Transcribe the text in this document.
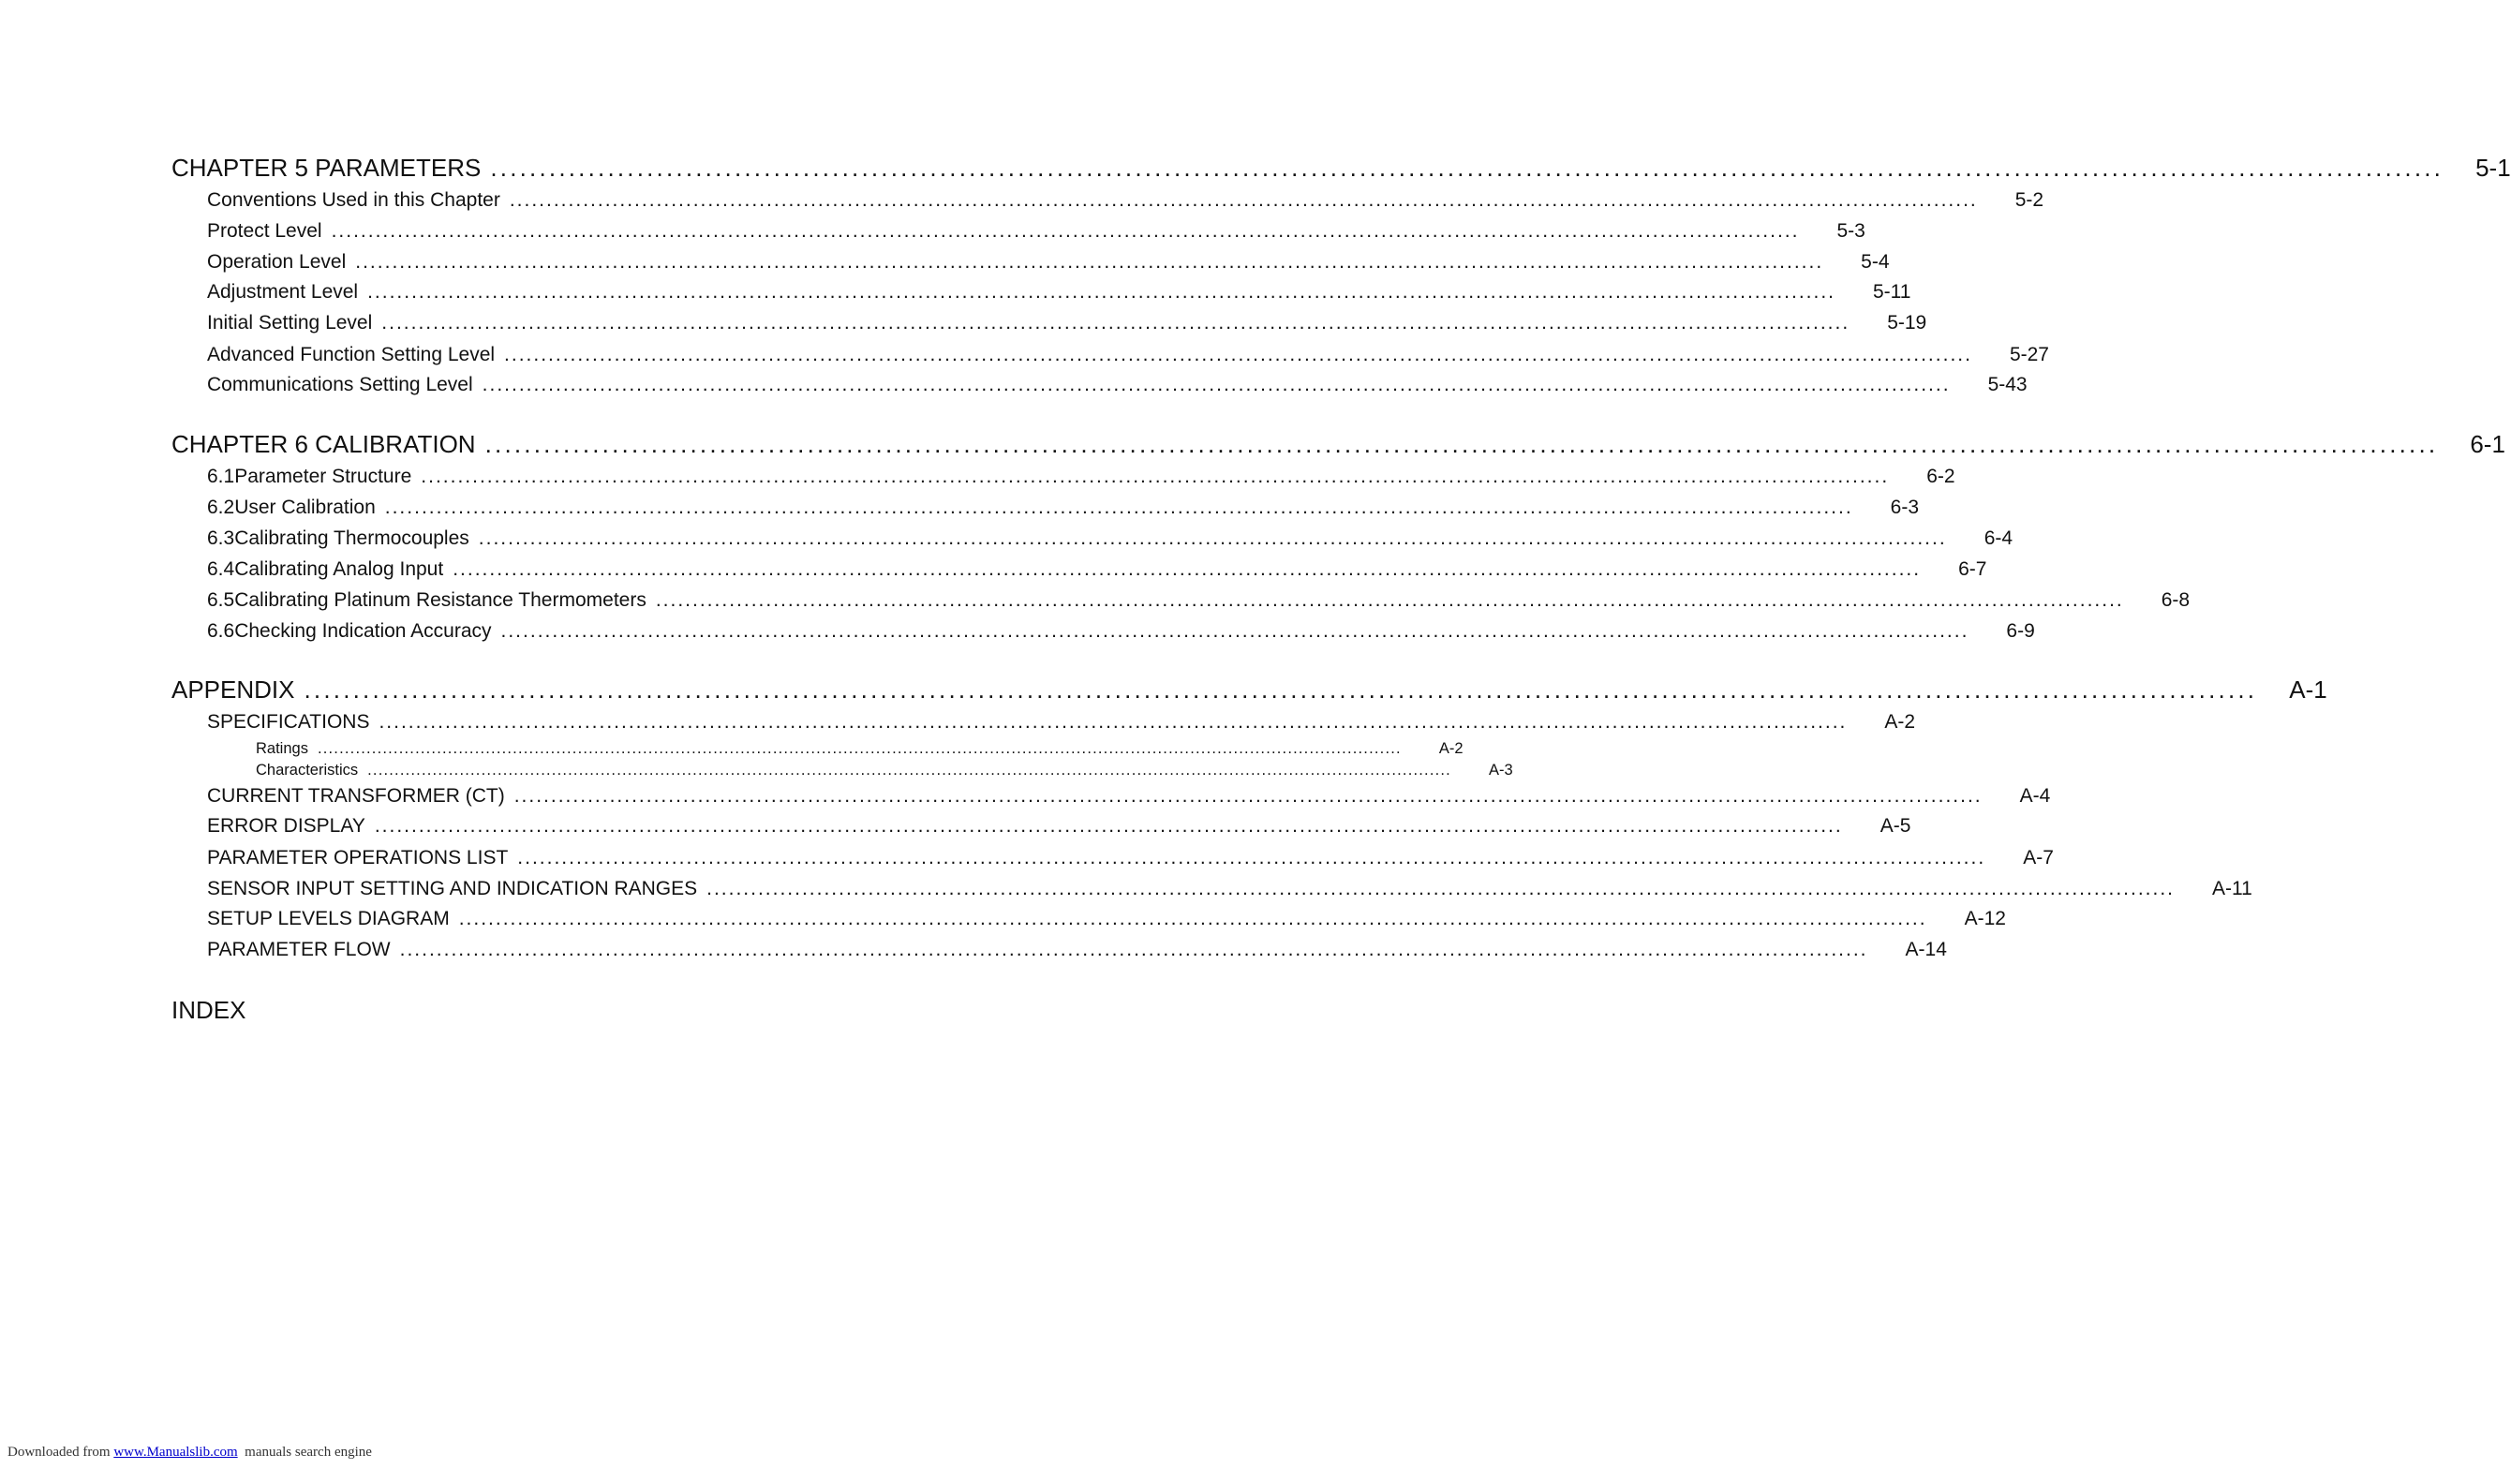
CHAPTER 5 PARAMETERS ........................................................................................................................................................................................................ 5-1
Conventions Used in this Chapter ........................................................................................................................................................................................................ 5-2
Protect Level ........................................................................................................................................................................................................ 5-3
Operation Level ........................................................................................................................................................................................................ 5-4
Adjustment Level ........................................................................................................................................................................................................ 5-11
Initial Setting Level ........................................................................................................................................................................................................ 5-19
Advanced Function Setting Level ........................................................................................................................................................................................................ 5-27
Communications Setting Level ........................................................................................................................................................................................................ 5-43
CHAPTER 6 CALIBRATION ........................................................................................................................................................................................................ 6-1
6.1 Parameter Structure ........................................................................................................................................................................................................ 6-2
6.2 User Calibration ........................................................................................................................................................................................................ 6-3
6.3 Calibrating Thermocouples ........................................................................................................................................................................................................ 6-4
6.4 Calibrating Analog Input ........................................................................................................................................................................................................ 6-7
6.5 Calibrating Platinum Resistance Thermometers ........................................................................................................................................................................................................ 6-8
6.6 Checking Indication Accuracy ........................................................................................................................................................................................................ 6-9
APPENDIX ........................................................................................................................................................................................................ A-1
SPECIFICATIONS ........................................................................................................................................................................................................ A-2
Ratings ........................................................................................................................................................................................................ A-2
Characteristics ........................................................................................................................................................................................................ A-3
CURRENT TRANSFORMER (CT) ........................................................................................................................................................................................................ A-4
ERROR DISPLAY ........................................................................................................................................................................................................ A-5
PARAMETER OPERATIONS LIST ........................................................................................................................................................................................................ A-7
SENSOR INPUT SETTING AND INDICATION RANGES ........................................................................................................................................................................................................ A-11
SETUP LEVELS DIAGRAM ........................................................................................................................................................................................................ A-12
PARAMETER FLOW ........................................................................................................................................................................................................ A-14
INDEX
Downloaded from www.Manualslib.com manuals search engine
